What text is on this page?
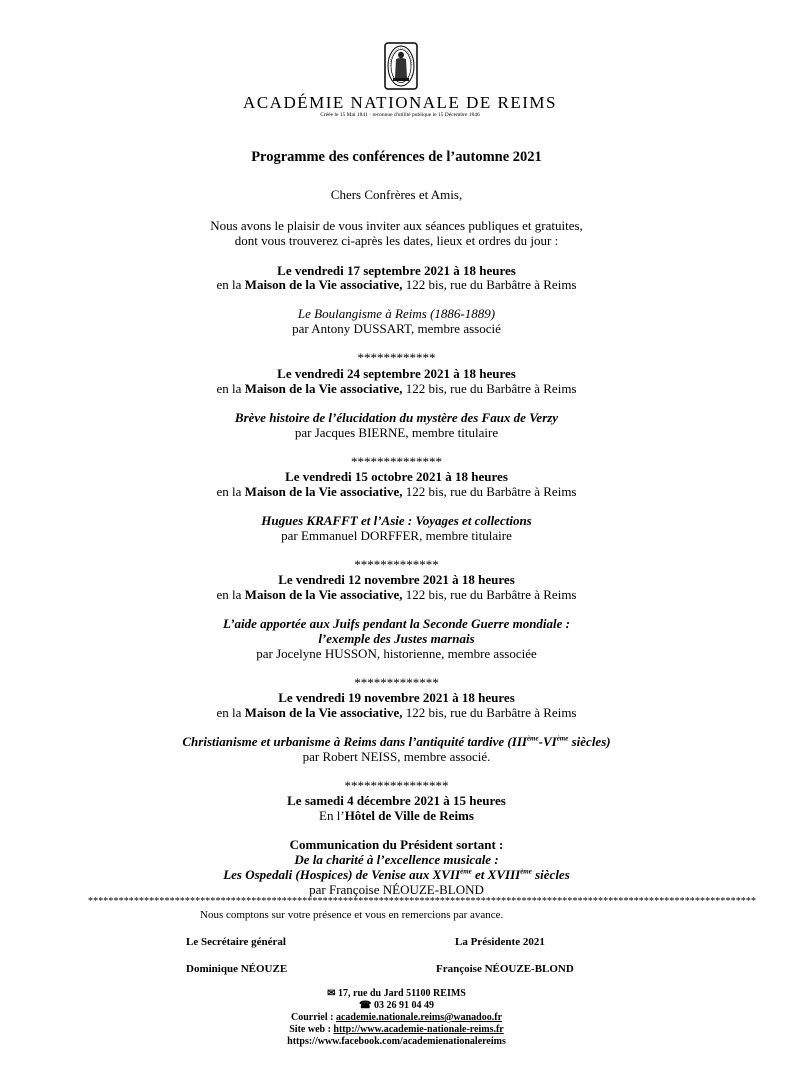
ACADÉMIE NATIONALE DE REIMS
Créée le 15 Mai 1841 · reconnue d'utilité publique le 15 Décembre 1846
Programme des conférences de l’automne 2021
Chers Confrères et Amis,
Nous avons le plaisir de vous inviter aux séances publiques et gratuites,
dont vous trouverez ci-après les dates, lieux et ordres du jour :
Le vendredi 17 septembre 2021 à 18 heures
en la Maison de la Vie associative, 122 bis, rue du Barbâtre à Reims
Le Boulangisme à Reims (1886-1889)
par Antony DUSSART, membre associé
************
Le vendredi 24 septembre 2021 à 18 heures
en la Maison de la Vie associative, 122 bis, rue du Barbâtre à Reims
Brève histoire de l’élucidation du mystère des Faux de Verzy
par Jacques BIERNE, membre titulaire
**************
Le vendredi 15 octobre 2021 à 18 heures
en la Maison de la Vie associative, 122 bis, rue du Barbâtre à Reims
Hugues KRAFFT et l’Asie : Voyages et collections
par Emmanuel DORFFER, membre titulaire
*************
Le vendredi 12 novembre 2021 à 18 heures
en la Maison de la Vie associative, 122 bis, rue du Barbâtre à Reims
L’aide apportée aux Juifs pendant la Seconde Guerre mondiale :
l’exemple des Justes marnais
par Jocelyne HUSSON, historienne, membre associée
*************
Le vendredi 19 novembre 2021 à 18 heures
en la Maison de la Vie associative, 122 bis, rue du Barbâtre à Reims
Christianisme et urbanisme à Reims dans l’antiquité tardive (IIIème-VIème siècles)
par Robert NEISS, membre associé.
****************
Le samedi 4 décembre 2021 à 15 heures
En l’Hôtel de Ville de Reims
Communication du Président sortant :
De la charité à l’excellence musicale :
Les Ospedali (Hospices) de Venise aux XVIIème et XVIIIème siècles
par Françoise NÉOUZE-BLOND
***********************************************************************************************************************************
Nous comptons sur votre présence et vous en remercions par avance.
Le Secrétaire général	La Présidente 2021
Dominique NÉOUZE	Françoise NÉOUZE-BLOND
✉ 17, rue du Jard 51100 REIMS
☎ 03 26 91 04 49
Courriel : academie.nationale.reims@wanadoo.fr
Site web : http://www.academie-nationale-reims.fr
https://www.facebook.com/academienationalereims
